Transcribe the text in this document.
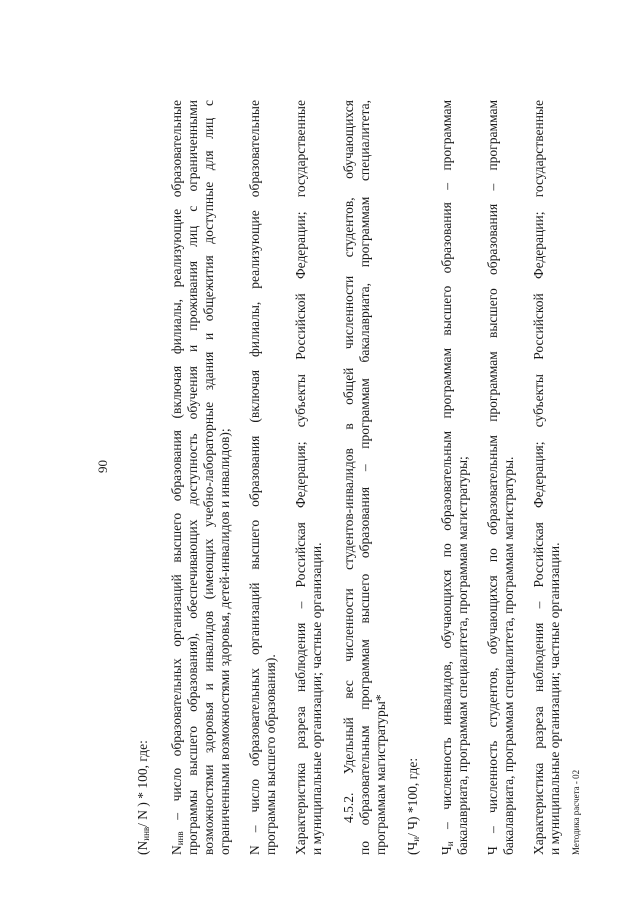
90
($N_{инв}/$ N ) * 100, где:
$N_{инв}$ – число образовательных организаций высшего образования (включая филиалы, реализующие образовательные программы высшего образования), обеспечивающих доступность обучения и проживания лиц с ограниченными возможностями здоровья и инвалидов (имеющих учебно-лабораторные здания и общежития доступные для лиц с ограниченными возможностями здоровья, детей-инвалидов и инвалидов); N – число образовательных организаций высшего образования (включая филиалы, реализующие образовательные программы высшего образования). Характеристика разреза наблюдения – Российская Федерация; субъекты Российской Федерации; государственные и муниципальные организации; частные организации. 4.5.2. Удельный вес численности студентов-инвалидов в общей численности студентов, обучающихся по образовательным программам высшего образования – программам бакалавриата, программам специалитета, программам магистратуры* ($Ч_и/$ Ч) *100, где:
$Ч_и$ – численность инвалидов, обучающихся по образовательным программам высшего образования – программам бакалавриата, программам специалитета, программам магистратуры; Ч – численность студентов, обучающихся по образовательным программам высшего образования – программам бакалавриата, программам специалитета, программам магистратуры. Характеристика разреза наблюдения – Российская Федерация; субъекты Российской Федерации; государственные и муниципальные организации; частные организации. Методика расчета - 02
